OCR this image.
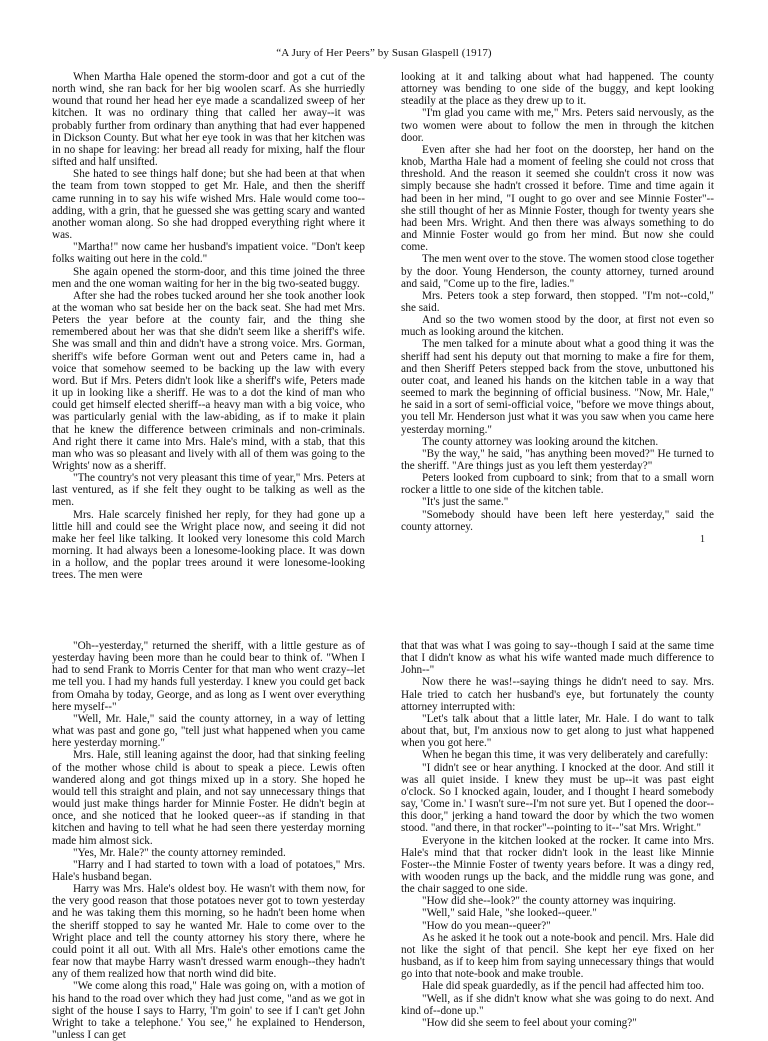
“A Jury of Her Peers” by Susan Glaspell (1917)

When Martha Hale opened the storm-door and got a cut of the north wind, she ran back for her big woolen scarf. As she hurriedly wound that round her head her eye made a scandalized sweep of her kitchen. It was no ordinary thing that called her away--it was probably further from ordinary than anything that had ever happened in Dickson County. But what her eye took in was that her kitchen was in no shape for leaving: her bread all ready for mixing, half the flour sifted and half unsifted.

She hated to see things half done; but she had been at that when the team from town stopped to get Mr. Hale, and then the sheriff came running in to say his wife wished Mrs. Hale would come too--adding, with a grin, that he guessed she was getting scary and wanted another woman along. So she had dropped everything right where it was.

"Martha!" now came her husband's impatient voice. "Don't keep folks waiting out here in the cold."

She again opened the storm-door, and this time joined the three men and the one woman waiting for her in the big two-seated buggy.

After she had the robes tucked around her she took another look at the woman who sat beside her on the back seat. She had met Mrs. Peters the year before at the county fair, and the thing she remembered about her was that she didn't seem like a sheriff's wife. She was small and thin and didn't have a strong voice. Mrs. Gorman, sheriff's wife before Gorman went out and Peters came in, had a voice that somehow seemed to be backing up the law with every word. But if Mrs. Peters didn't look like a sheriff's wife, Peters made it up in looking like a sheriff. He was to a dot the kind of man who could get himself elected sheriff--a heavy man with a big voice, who was particularly genial with the law-abiding, as if to make it plain that he knew the difference between criminals and non-criminals. And right there it came into Mrs. Hale's mind, with a stab, that this man who was so pleasant and lively with all of them was going to the Wrights' now as a sheriff.

"The country's not very pleasant this time of year," Mrs. Peters at last ventured, as if she felt they ought to be talking as well as the men.

Mrs. Hale scarcely finished her reply, for they had gone up a little hill and could see the Wright place now, and seeing it did not make her feel like talking. It looked very lonesome this cold March morning. It had always been a lonesome-looking place. It was down in a hollow, and the poplar trees around it were lonesome-looking trees. The men were

looking at it and talking about what had happened. The county attorney was bending to one side of the buggy, and kept looking steadily at the place as they drew up to it.

"I'm glad you came with me," Mrs. Peters said nervously, as the two women were about to follow the men in through the kitchen door.

Even after she had her foot on the doorstep, her hand on the knob, Martha Hale had a moment of feeling she could not cross that threshold. And the reason it seemed she couldn't cross it now was simply because she hadn't crossed it before. Time and time again it had been in her mind, "I ought to go over and see Minnie Foster"--she still thought of her as Minnie Foster, though for twenty years she had been Mrs. Wright. And then there was always something to do and Minnie Foster would go from her mind. But now she could come.

The men went over to the stove. The women stood close together by the door. Young Henderson, the county attorney, turned around and said, "Come up to the fire, ladies."

Mrs. Peters took a step forward, then stopped. "I'm not--cold," she said.

And so the two women stood by the door, at first not even so much as looking around the kitchen.

The men talked for a minute about what a good thing it was the sheriff had sent his deputy out that morning to make a fire for them, and then Sheriff Peters stepped back from the stove, unbuttoned his outer coat, and leaned his hands on the kitchen table in a way that seemed to mark the beginning of official business. "Now, Mr. Hale," he said in a sort of semi-official voice, "before we move things about, you tell Mr. Henderson just what it was you saw when you came here yesterday morning."

The county attorney was looking around the kitchen.

"By the way," he said, "has anything been moved?" He turned to the sheriff. "Are things just as you left them yesterday?"

Peters looked from cupboard to sink; from that to a small worn rocker a little to one side of the kitchen table.

"It's just the same."

"Somebody should have been left here yesterday," said the county attorney.

1

"Oh--yesterday," returned the sheriff, with a little gesture as of yesterday having been more than he could bear to think of. "When I had to send Frank to Morris Center for that man who went crazy--let me tell you. I had my hands full yesterday. I knew you could get back from Omaha by today, George, and as long as I went over everything here myself--"

"Well, Mr. Hale," said the county attorney, in a way of letting what was past and gone go, "tell just what happened when you came here yesterday morning."

Mrs. Hale, still leaning against the door, had that sinking feeling of the mother whose child is about to speak a piece. Lewis often wandered along and got things mixed up in a story. She hoped he would tell this straight and plain, and not say unnecessary things that would just make things harder for Minnie Foster. He didn't begin at once, and she noticed that he looked queer--as if standing in that kitchen and having to tell what he had seen there yesterday morning made him almost sick.

"Yes, Mr. Hale?" the county attorney reminded.

"Harry and I had started to town with a load of potatoes," Mrs. Hale's husband began.

Harry was Mrs. Hale's oldest boy. He wasn't with them now, for the very good reason that those potatoes never got to town yesterday and he was taking them this morning, so he hadn't been home when the sheriff stopped to say he wanted Mr. Hale to come over to the Wright place and tell the county attorney his story there, where he could point it all out. With all Mrs. Hale's other emotions came the fear now that maybe Harry wasn't dressed warm enough--they hadn't any of them realized how that north wind did bite.

"We come along this road," Hale was going on, with a motion of his hand to the road over which they had just come, "and as we got in sight of the house I says to Harry, 'I'm goin' to see if I can't get John Wright to take a telephone.' You see," he explained to Henderson, "unless I can get

that that was what I was going to say--though I said at the same time that I didn't know as what his wife wanted made much difference to John--"

Now there he was!--saying things he didn't need to say. Mrs. Hale tried to catch her husband's eye, but fortunately the county attorney interrupted with:

"Let's talk about that a little later, Mr. Hale. I do want to talk about that, but, I'm anxious now to get along to just what happened when you got here."

When he began this time, it was very deliberately and carefully:

"I didn't see or hear anything. I knocked at the door. And still it was all quiet inside. I knew they must be up--it was past eight o'clock. So I knocked again, louder, and I thought I heard somebody say, 'Come in.' I wasn't sure--I'm not sure yet. But I opened the door--this door," jerking a hand toward the door by which the two women stood. "and there, in that rocker"--pointing to it--"sat Mrs. Wright."

Everyone in the kitchen looked at the rocker. It came into Mrs. Hale's mind that that rocker didn't look in the least like Minnie Foster--the Minnie Foster of twenty years before. It was a dingy red, with wooden rungs up the back, and the middle rung was gone, and the chair sagged to one side.

"How did she--look?" the county attorney was inquiring.

"Well," said Hale, "she looked--queer."

"How do you mean--queer?"

As he asked it he took out a note-book and pencil. Mrs. Hale did not like the sight of that pencil. She kept her eye fixed on her husband, as if to keep him from saying unnecessary things that would go into that note-book and make trouble.

Hale did speak guardedly, as if the pencil had affected him too.

"Well, as if she didn't know what she was going to do next. And kind of--done up."

"How did she seem to feel about your coming?"
